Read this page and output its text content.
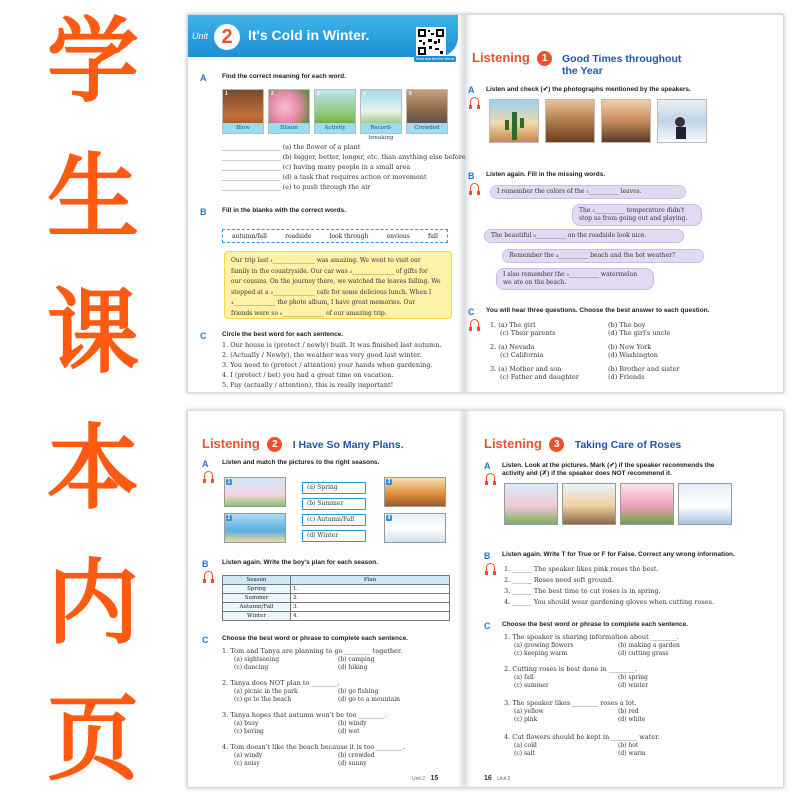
学
生
课
本
内
页
Unit 2	It's Cold in Winter.
Scan and find the Words
A Find the correct meaning for each word.
1
Blow
2
Bloom
3
Activity
4
Record-breaking
5
Crowded
__________________ (a) the flower of a plant
__________________ (b) bigger, better, longer, etc. than anything else before
__________________ (c) having many people in a small area
__________________ (d) a task that requires action or movement
__________________ (e) to push through the air
B Fill in the blanks with the correct words.
autumn/fall	roadside	look through	envious	full
Our trip last ₁______________ was amazing. We went to visit our
family in the countryside. Our car was ₂______________ of gifts for
our cousins. On the journey there, we watched the leaves falling. We
stopped at a ₃______________ cafe for some delicious lunch. When I
₄______________ the photo album, I have great memories. Our
friends were so ₅______________ of our amazing trip.
C Circle the best word for each sentence.
1. Our house is (protect / newly) built. It was finished last autumn.
2. (Actually / Newly), the weather was very good last winter.
3. You need to (protect / attention) your hands when gardening.
4. I (protect / bet) you had a great time on vacation.
5. Pay (actually / attention), this is really important!
Listening 1	Good Times throughout
the Year
A Listen and check (✔) the photographs mentioned by the speakers.
B Listen again. Fill in the missing words.
I remember the colors of the ₁__________ leaves.
The ₂__________ temperature didn't
stop us from going out and playing.
The beautiful ₃__________ on the roadside look nice.
Remember the ₄__________ beach and the hot weather?
I also remember the ₅__________ watermelon
we ate on the beach.
C You will hear three questions. Choose the best answer to each question.
1. (a) The girl	(b) The boy
(c) Their parents	(d) The girl's uncle
2. (a) Nevada	(b) New York
(c) California	(d) Washington
3. (a) Mother and son	(b) Brother and sister
(c) Father and daughter	(d) Friends
Listening 2 I Have So Many Plans.
A Listen and match the pictures to the right seasons.
1
2
3
4
(a) Spring
(b) Summer
(c) Autumn/Fall
(d) Winter
B Listen again. Write the boy's plan for each season.
Season	Plan
Spring	1.
Summer	2.
Autumn/Fall	3.
Winter	4.
C Choose the best word or phrase to complete each sentence.
1. Tom and Tanya are planning to go ________ together.
(a) sightseeing	(b) camping
(c) dancing	(d) hiking
2. Tanya does NOT plan to ________.
(a) picnic in the park	(b) go fishing
(c) go to the beach	(d) go to a mountain
3. Tanya hopes that autumn won't be too ________.
(a) busy	(b) windy
(c) boring	(d) wet
4. Tom doesn't like the beach because it is too ________.
(a) windy	(b) crowded
(c) noisy	(d) sunny
Unit 2 15
Listening 3 Taking Care of Roses
A Listen. Look at the pictures. Mark (✔) if the speaker recommends the
activity and (✗) if the speaker does NOT recommend it.
B Listen again. Write T for True or F for False. Correct any wrong information.
1. ______ The speaker likes pink roses the best.
2. ______ Roses need soft ground.
3. ______ The best time to cut roses is in spring.
4. ______ You should wear gardening gloves when cutting roses.
C Choose the best word or phrase to complete each sentence.
1. The speaker is sharing information about ________.
(a) growing flowers	(b) making a garden
(c) keeping warm	(d) cutting grass
2. Cutting roses is best done in ________.
(a) fall	(b) spring
(c) summer	(d) winter
3. The speaker likes ________ roses a lot.
(a) yellow	(b) red
(c) pink	(d) white
4. Cut flowers should be kept in ________ water.
(a) cold	(b) hot
(c) salt	(d) warm
16 Unit 2
